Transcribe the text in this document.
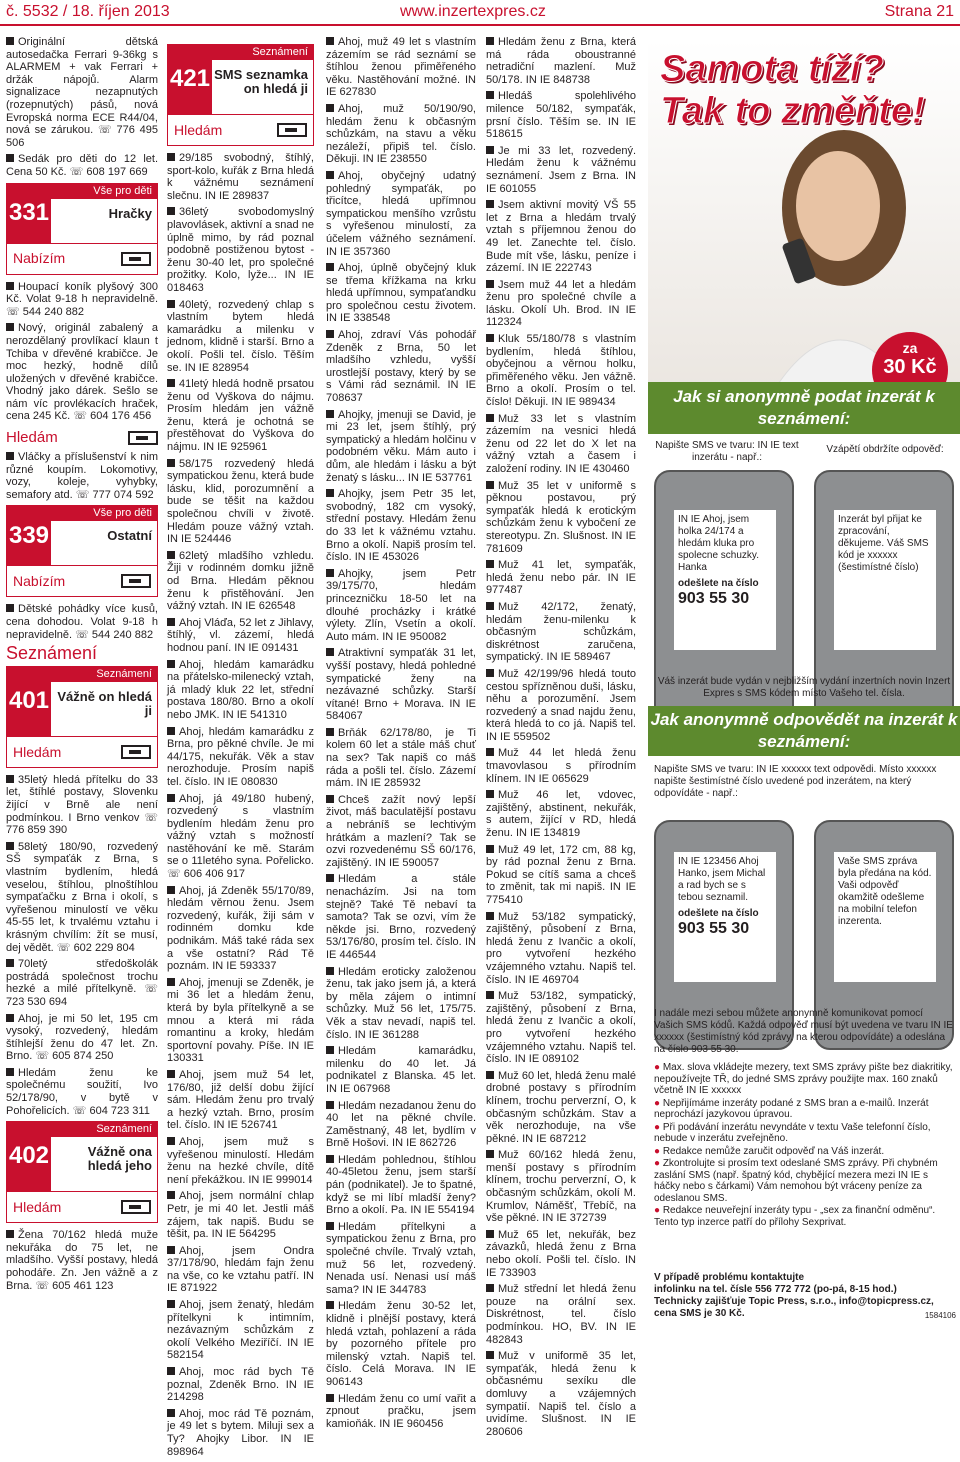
č. 5532 / 18. říjen 2013	www.inzertexpres.cz	Strana 21

Originální dětská autosedačka Ferrari 9-36kg s ALARMEM + vak Ferrari + držák nápojů. Alarm signalizace nezapnutých (rozepnutých) pásů, nová Evropská norma ECE R44/04, nová se zárukou. ☏ 776 495 506

Sedák pro děti do 12 let. Cena 50 Kč. ☏ 608 197 669

331
Vše pro děti
Hračky
Nabízím

Houpací koník plyšový 300 Kč. Volat 9-18 h nepravidelně. ☏ 544 240 882

Nový, originál zabalený a nerozdělaný provlíkací klaun t Tchiba v dřevěné krabičce. Je moc hezký, hodně dílů uložených v dřevěné krabičce. Vhodný jako dárek. Sešlo se nám víc provlékacích hraček, cena 245 Kč. ☏ 604 176 456

Hledám

Vláčky a příslušenství k nim různé koupím. Lokomotivy, vozy, koleje, vyhybky, semafory atd. ☏ 777 074 592

339
Vše pro děti
Ostatní
Nabízím

Dětské pohádky více kusů, cena dohodou. Volat 9-18 h nepravidelně. ☏ 544 240 882

Seznámení
401
Seznámení
Vážně on hledá ji
Hledám

35letý hledá přítelku do 33 let, štíhlé postavy, Slovenku žijící v Brně ale není podmínkou. I Brno venkov ☏ 776 859 390

58letý 180/90, rozvedený SŠ sympaťák z Brna, s vlastním bydlením, hledá veselou, štíhlou, plnoštíhlou sympaťačku z Brna i okolí, s vyřešenou minulostí ve věku 45-55 let, k trvalému vztahu i krásným chvílím: žít se musí, dej vědět. ☏ 602 229 804

70letý středoškolák postrádá společnost trochu hezké a milé přítelkyně. ☏ 723 530 694

Ahoj, je mi 50 let, 195 cm vysoký, rozvedený, hledám štíhlejší ženu do 47 let. Zn. Brno. ☏ 605 874 250

Hledám ženu ke společnému soužití, Ivo 52/178/90, v bytě v Pohořelicích. ☏ 604 723 311

402
Seznámení
Vážně ona hledá jeho
Hledám

Žena 70/162 hledá muže nekuřáka do 75 let, ne mladšího. Vyšší postavy, hledá pohodáře. Zn. Jen vážně a z Brna. ☏ 605 461 123

421
Seznámení
SMS seznamka on hledá ji
Hledám

29/185 svobodný, štíhlý, sport-kolo, kuřák z Brna hledá k vážnému seznámení slečnu. IN IE 289837

36letý svobodomyslný plavovlásek, aktivní a snad ne úplně mimo, by rád poznal podobně postiženou bytost - ženu 30-40 let, pro společné prožitky. Kolo, lyže... IN IE 018463

40letý, rozvedený chlap s vlastním bytem hledá kamarádku a milenku v jednom, klidně i starší. Brno a okolí. Pošli tel. číslo. Těším se. IN IE 828954

41letý hledá hodně prsatou ženu od Vyškova do nájmu. Prosím hledám jen vážně ženu, která je ochotná se přestěhovat do Vyškova do nájmu. IN IE 925961

58/175 rozvedený hledá sympatickou ženu, která bude lásku, klid, porozumnění a bude se těšit na každou společnou chvíli v životě. Hledám pouze vážný vztah. IN IE 524446

62letý mladšího vzhledu. Žiji v rodinném domku jižně od Brna. Hledám pěknou ženu k přistěhování. Jen vážný vztah. IN IE 626548

Ahoj Vláďa, 52 let z Jihlavy, štíhlý, vl. zázemí, hledá hodnou paní. IN IE 091431

Ahoj, hledám kamarádku na přátelsko-milenecký vztah, já mladý kluk 22 let, střední postava 180/80. Brno a okolí nebo JMK. IN IE 541310

Ahoj, hledám kamarádku z Brna, pro pěkné chvíle. Je mi 44/175, nekuřák. Věk a stav nerozhoduje. Prosím napiš tel. číslo. IN IE 080830

Ahoj, já 49/180 hubený, rozvedený s vlastním bydlením hledám ženu pro vážný vztah s možností nastěhování ke mě. Starám se o 11letého syna. Pořelicko. ☏ 606 406 917

Ahoj, já Zdeněk 55/170/89, hledám věrnou ženu. Jsem rozvedený, kuřák, žiji sám v rodinném domku kde podnikám. Máš také ráda sex a vše ostatní? Rád Tě poznám. IN IE 593337

Ahoj, jmenuji se Zdeněk, je mi 36 let a hledám ženu, která by byla přítelkyně a se mnou a která mi ráda romantinu a kroky, hledám sportovní povahy. Píše. IN IE 130331

Ahoj, jsem muž 54 let, 176/80, již delší dobu žijící sám. Hledám ženu pro trvalý a hezký vztah. Brno, prosím tel. číslo. IN IE 526741

Ahoj, jsem muž s vyřešenou minulostí. Hledám ženu na hezké chvíle, dítě není překážkou. IN IE 999014

Ahoj, jsem normální chlap Petr, je mi 40 let. Jestli máš zájem, tak napiš. Budu se těšit, pa. IN IE 564295

Ahoj, jsem Ondra 37/178/90, hledám fajn ženu na vše, co ke vztahu patří. IN IE 871922

Ahoj, jsem ženatý, hledám přítelkyni k intimním, nezávazným schůzkám z okolí Velkého Meziříčí. IN IE 582154

Ahoj, moc rád bych Tě poznal, Zdeněk Brno. IN IE 214298

Ahoj, moc rád Tě poznám, je 49 let s bytem. Miluji sex a Ty? Ahojky Libor. IN IE 898964

Ahoj, muž 49 let s vlastním zázemím se rád seznámí se štíhlou ženou přiměřeného věku. Nastěhování možné. IN IE 627830

Ahoj, muž 50/190/90, hledám ženu k občasným schůzkám, na stavu a věku nezáleží, připiš tel. číslo. Děkuji. IN IE 238550

Ahoj, obyčejný udatný pohledný sympaťák, po třicítce, hledá upřímnou sympatickou menšího vzrůstu s vyřešenou minulostí, za účelem vážného seznámení. IN IE 357360

Ahoj, úplně obyčejný kluk se třema křížkama na krku hledá upřímnou, sympaťandku pro společnou cestu životem. IN IE 338548

Ahoj, zdraví Vás pohodář Zdeněk z Brna, 50 let mladšího vzhledu, vyšší urostlejší postavy, který by se s Vámi rád seznámil. IN IE 708637

Ahojky, jmenuji se David, je mi 23 let, jsem štíhlý, prý sympatický a hledám holčinu v podobném věku. Mám auto i dům, ale hledám i lásku a být ženatý s lásku... IN IE 537761

Ahojky, jsem Petr 35 let, svobodný, 182 cm vysoký, střední postavy. Hledám ženu do 33 let k vážnému vztahu. Brno a okolí. Napiš prosím tel. číslo. IN IE 453026

Ahojky, jsem Petr 39/175/70, hledám princezničku 18-50 let na dlouhé procházky i krátké výlety. Zlín, Vsetín a okolí. Auto mám. IN IE 950082

Atraktivní sympaťák 31 let, vyšší postavy, hledá pohledné sympatické ženy na nezávazné schůzky. Starší vítané! Brno + Morava. IN IE 584067

Brňák 62/178/80, je Ti kolem 60 let a stále máš chuť na sex? Tak napiš co máš ráda a pošli tel. číslo. Zázemí mám. IN IE 285932

Chceš zažít nový lepší život, máš baculatější postavu a nebráníš se lechtivým hrátkám a mazlení? Tak se ozvi rozvedenému SŠ 60/176, zajištěný. IN IE 590057

Hledám a stále nenacházím. Jsi na tom stejně? Také Tě nebaví ta samota? Tak se ozvi, vím že někde jsi. Brno, rozvedený 53/176/80, prosím tel. číslo. IN IE 446544

Hledám eroticky založenou ženu, tak jako jsem já, a která by měla zájem o intimní schůzky. Muž 56 let, 175/75. Věk a stav nevadí, napiš tel. číslo. IN IE 361288

Hledám kamarádku, milenku do 40 let. Já podnikatel z Blanska. 45 let. IN IE 067968

Hledám nezadanou ženu do 40 let na pěkné chvíle. Zaměstnaný, 48 let, bydlím v Brně Hošovi. IN IE 862726

Hledám pohlednou, štíhlou 40-45letou ženu, jsem starší pán (podnikatel). Je to špatné, když se mi líbí mladší ženy? Brno a okolí. Pa. IN IE 554194

Hledám přítelkyni a sympatickou ženu z Brna, pro společné chvíle. Trvalý vztah, muž 56 let, rozvedený. Nenada usí. Nenasi usí máš sama? IN IE 344783

Hledám ženu 30-52 let, klidně i plnější postavy, která hledá vztah, pohlazení a ráda by pozorného přítele pro milenský vztah. Napiš tel. číslo. Celá Morava. IN IE 906143

Hledám ženu co umí vařit a zpnout pračku, jsem kamioňák. IN IE 960456

Hledám ženu z Brna, která má ráda oboustranné netradiční mazlení. Muž 50/178. IN IE 848738

Hledáš spolehlivého milence 50/182, sympaťák, prsní číslo. Těším se. IN IE 518615

Je mi 33 let, rozvedený. Hledám ženu k vážnému seznámení. Jsem z Brna. IN IE 601055

Jsem aktivní movitý VŠ 55 let z Brna a hledám trvalý vztah s příjemnou ženou do 49 let. Zanechte tel. číslo. Bude mít vše, lásku, peníze i zázemí. IN IE 222743

Jsem muž 44 let a hledám ženu pro společné chvíle a lásku. Okolí Uh. Brod. IN IE 112324

Kluk 55/180/78 s vlastním bydlením, hledá štíhlou, obyčejnou a věrnou holku, přiměřeného věku. Jen vážně. Brno a okolí. Prosím o tel. číslo! Děkuji. IN IE 989434

Muž 33 let s vlastním zázemím na vesnici hledá ženu od 22 let do X let na vážný vztah a časem i založení rodiny. IN IE 430460

Muž 35 let v uniformě s pěknou postavou, prý sympaťák hledá k erotickým schůzkám ženu k vybočení ze stereotypu. Zn. Slušnost. IN IE 781609

Muž 41 let, sympaťák, hledá ženu nebo pár. IN IE 977487

Muž 42/172, ženatý, hledám ženu-milenku k občasným schůzkám, diskrétnost zaručena, sympatický. IN IE 589467

Muž 42/199/96 hledá touto cestou spřízněnou duši, lásku, něhu a porozumění. Jsem rozvedený a snad najdu ženu, která hledá to co já. Napiš tel. IN IE 559502

Muž 44 let hledá ženu tmavovlasou s přírodním klínem. IN IE 065629

Muž 46 let, vdovec, zajištěný, abstinent, nekuřák, s autem, žijící v RD, hledá ženu. IN IE 134819

Muž 49 let, 172 cm, 88 kg, by rád poznal ženu z Brna. Pokud se cítíš sama a chceš to změnit, tak mi napiš. IN IE 775410

Muž 53/182 sympatický, zajištěný, působení z Brna, hledá ženu z Ivančic a okolí, pro vytvoření hezkého vzájemného vztahu. Napiš tel. číslo. IN IE 469704

Muž 53/182, sympatický, zajištěný, působení z Brna, hledá ženu z Ivančic a okolí, pro vytvoření hezkého vzájemného vztahu. Napiš tel. číslo. IN IE 089102

Muž 60 let, hledá ženu malé drobné postavy s přírodním klínem, trochu perverzní, O, k občasným schůzkám. Stav a věk nerozhoduje, na vše pěkné. IN IE 687212

Muž 60/162 hledá ženu, menší postavy s přírodním klínem, trochu perverzní, O, k občasným schůzkám, okolí M. Krumlov, Náměšť, Třebíč, na vše pěkné. IN IE 372739

Muž 65 let, nekuřák, bez závazků, hledá ženu z Brna nebo okolí. Pošli tel. číslo. IN IE 733903

Muž střední let hledá ženu pouze na orální sex. Diskrétnost, tel. číslo podmínkou. HO, BV. IN IE 482843

Muž v uniformě 35 let, sympaťák, hledá ženu k občasnému sexíku dle domluvy a vzájemných sympatií. Napiš tel. číslo a uvidíme. Slušnost. IN IE 280606

Samota tíží?
Tak to změňte!
za
30 Kč
Jak si anonymně podat inzerát k seznámení:
Napište SMS ve tvaru: IN IE text inzerátu - např.:
Vzápětí obdržíte odpověď:
IN IE Ahoj, jsem holka 24/174 a hledám kluka pro spolecne schuzky. Hanka
odešlete na číslo
903 55 30
Inzerát byl přijat ke zpracování, děkujeme. Váš SMS kód je xxxxxx (šestimístné číslo)
Váš inzerát bude vydán v nejbližším vydání inzertních novin Inzert Expres s SMS kódem místo Vašeho tel. čísla.
Jak anonymně odpovědět na inzerát k seznámení:
Napište SMS ve tvaru: IN IE xxxxxx text odpovědi. Místo xxxxxx napište šestimístné číslo uvedené pod inzerátem, na který odpovídáte - např.:
IN IE 123456 Ahoj Hanko, jsem Michal a rad bych se s tebou seznamil.
odešlete na číslo
903 55 30
Vaše SMS zpráva byla předána na kód. Vaši odpověď okamžitě odešleme na mobilní telefon inzerenta.
I nadále mezi sebou můžete anonymně komunikovat pomocí Vašich SMS kódů. Každá odpověď musí být uvedena ve tvaru IN IE xxxxxx (šestimístný kód zprávy, na kterou odpovídáte) a odeslána na číslo 903 55 30.
● Max. slova vkládejte mezery, text SMS zprávy pište bez diakritiky, nepoužívejte TŘ, do jedné SMS zprávy použijte max. 160 znaků včetně IN IE xxxxxx
● Nepřijímáme inzeráty podané z SMS bran a e-mailů. Inzerát neprochází jazykovou úpravou.
● Při podávání inzerátu nevyndáte v textu Vaše telefonní číslo, nebude v inzerátu zveřejněno.
● Redakce nemůže zaručit odpověď na Váš inzerát.
● Zkontrolujte si prosím text odeslané SMS zprávy. Při chybném zaslání SMS (např. špatný kód, chybějící mezera mezi IN IE s háčky nebo s čárkami) Vám nemohou být vráceny peníze za odeslanou SMS.
● Redakce neuveřejní inzeráty typu - „sex za finanční odměnu“. Tento typ inzerce patří do přílohy Sexprivat.
V případě problému kontaktujte
infolinku na tel. čísle 556 772 772 (po-pá, 8-15 hod.)
Technicky zajišťuje Topic Press, s.r.o., info@topicpress.cz,
cena SMS je 30 Kč.	1584106
